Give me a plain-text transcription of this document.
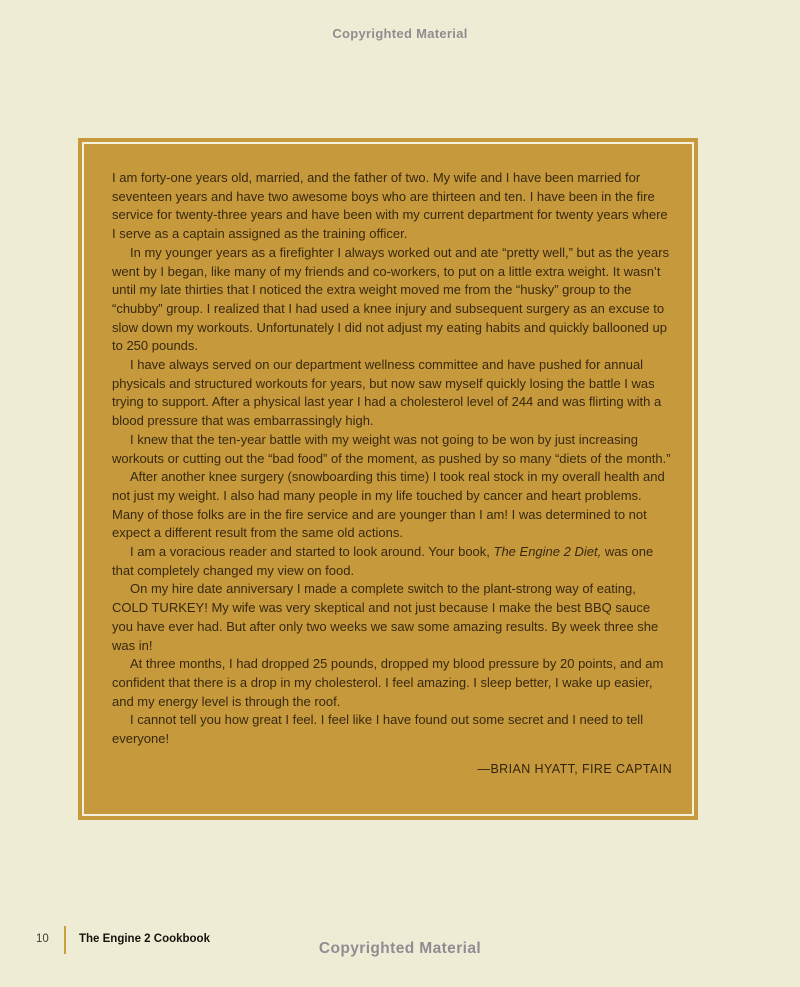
Copyrighted Material

I am forty-one years old, married, and the father of two. My wife and I have been married for seventeen years and have two awesome boys who are thirteen and ten. I have been in the fire service for twenty-three years and have been with my current department for twenty years where I serve as a captain assigned as the training officer.

In my younger years as a firefighter I always worked out and ate “pretty well,” but as the years went by I began, like many of my friends and co-workers, to put on a little extra weight. It wasn’t until my late thirties that I noticed the extra weight moved me from the “husky” group to the “chubby” group. I realized that I had used a knee injury and subsequent surgery as an excuse to slow down my workouts. Unfortunately I did not adjust my eating habits and quickly ballooned up to 250 pounds.

I have always served on our department wellness committee and have pushed for annual physicals and structured workouts for years, but now saw myself quickly losing the battle I was trying to support. After a physical last year I had a cholesterol level of 244 and was flirting with a blood pressure that was embarrassingly high.

I knew that the ten-year battle with my weight was not going to be won by just increasing workouts or cutting out the “bad food” of the moment, as pushed by so many “diets of the month.”

After another knee surgery (snowboarding this time) I took real stock in my overall health and not just my weight. I also had many people in my life touched by cancer and heart problems. Many of those folks are in the fire service and are younger than I am! I was determined to not expect a different result from the same old actions.

I am a voracious reader and started to look around. Your book, The Engine 2 Diet, was one that completely changed my view on food.

On my hire date anniversary I made a complete switch to the plant-strong way of eating, COLD TURKEY! My wife was very skeptical and not just because I make the best BBQ sauce you have ever had. But after only two weeks we saw some amazing results. By week three she was in!

At three months, I had dropped 25 pounds, dropped my blood pressure by 20 points, and am confident that there is a drop in my cholesterol. I feel amazing. I sleep better, I wake up easier, and my energy level is through the roof.

I cannot tell you how great I feel. I feel like I have found out some secret and I need to tell everyone!

—BRIAN HYATT, FIRE CAPTAIN
10	The Engine 2 Cookbook
Copyrighted Material
